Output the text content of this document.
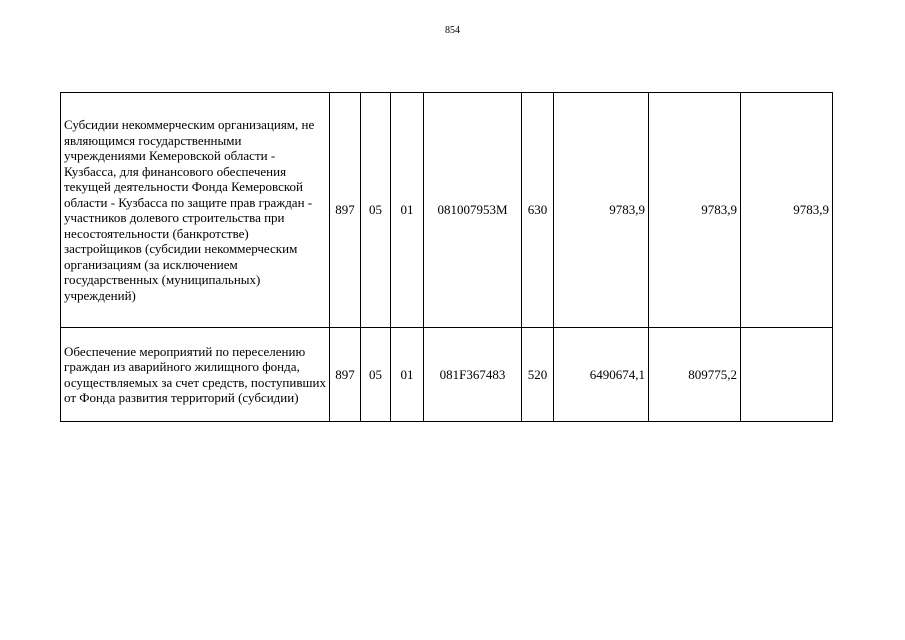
854
Субсидии некоммерческим организациям, не являющимся государственными учреждениями Кемеровской области - Кузбасса, для финансового обеспечения текущей деятельности Фонда Кемеровской области - Кузбасса по защите прав граждан - участников долевого строительства при несостоятельности (банкротстве) застройщиков (субсидии некоммерческим организациям (за исключением государственных (муниципальных) учреждений)	897	05	01	081007953М	630	9783,9	9783,9	9783,9
Обеспечение мероприятий по переселению граждан из аварийного жилищного фонда, осуществляемых за счет средств, поступивших от Фонда развития территорий (субсидии)	897	05	01	081F367483	520	6490674,1	809775,2	
